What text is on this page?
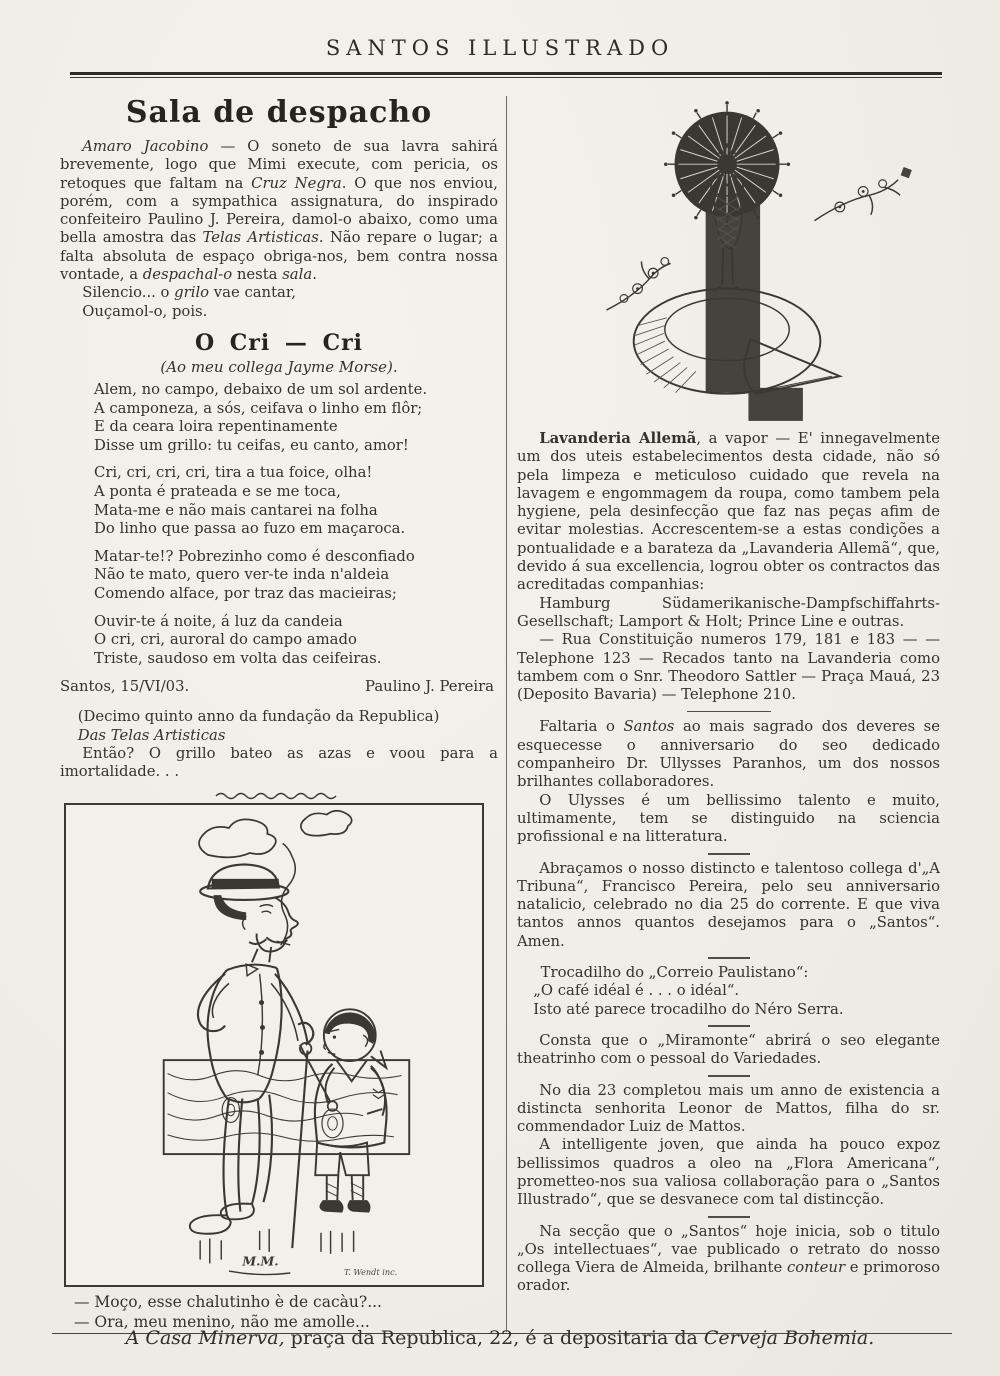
SANTOS ILLUSTRADO
Sala de despacho

Amaro Jacobino — O soneto de sua lavra sahirá brevemente, logo que Mimi execute, com pericia, os retoques que faltam na Cruz Negra. O que nos enviou, porém, com a sympathica assignatura, do inspirado confeiteiro Paulino J. Pereira, damol-o abaixo, como uma bella amostra das Telas Artisticas. Não repare o lugar; a falta absoluta de espaço obriga-nos, bem contra nossa vontade, a despachal-o nesta sala.

Silencio... o grilo vae cantar,
Ouçamol-o, pois.
O Cri — Cri
(Ao meu collega Jayme Morse).
Alem, no campo, debaixo de um sol ardente.
A camponeza, a sós, ceifava o linho em flôr;
E da ceara loira repentinamente
Disse um grillo: tu ceifas, eu canto, amor!
Cri, cri, cri, cri, tira a tua foice, olha!
A ponta é prateada e se me toca,
Mata-me e não mais cantarei na folha
Do linho que passa ao fuzo em maçaroca.
Matar-te!? Pobrezinho como é desconfiado
Não te mato, quero ver-te inda n'aldeia
Comendo alface, por traz das macieiras;
Ouvir-te á noite, á luz da candeia
O cri, cri, auroral do campo amado
Triste, saudoso em volta das ceifeiras.
Santos, 15/VI/03.	Paulino J. Pereira
(Decimo quinto anno da fundação da Republica)
Das Telas Artisticas

Então? O grillo bateo as azas e voou para a imortalidade. . .

M.M.
T. Wendt inc.
— Moço, esse chalutinho è de cacàu?...
— Ora, meu menino, não me amolle...

Lavanderia Allemã, a vapor — E' innegavelmente um dos uteis estabelecimentos desta cidade, não só pela limpeza e meticuloso cuidado que revela na lavagem e engommagem da roupa, como tambem pela hygiene, pela desinfecção que faz nas peças afim de evitar molestias. Accrescentem-se a estas condições a pontualidade e a barateza da „Lavanderia Allemã“, que, devido á sua excellencia, logrou obter os contractos das acreditadas companhias:

Hamburg Südamerikanische-Dampfschiffahrts-Gesellschaft; Lamport & Holt; Prince Line e outras.

— Rua Constituição numeros 179, 181 e 183 — — Telephone 123 — Recados tanto na Lavanderia como tambem com o Snr. Theodoro Sattler — Praça Mauá, 23 (Deposito Bavaria) — Telephone 210.

Faltaria o Santos ao mais sagrado dos deveres se esquecesse o anniversario do seo dedicado companheiro Dr. Ullysses Paranhos, um dos nossos brilhantes collaboradores.

O Ulysses é um bellissimo talento e muito, ultimamente, tem se distinguido na sciencia profissional e na litteratura.

Abraçamos o nosso distincto e talentoso collega d'„A Tribuna“, Francisco Pereira, pelo seu anniversario natalicio, celebrado no dia 25 do corrente. E que viva tantos annos quantos desejamos para o „Santos“. Amen.

Trocadilho do „Correio Paulistano“:
„O café idéal é . . . o idéal“.
Isto até parece trocadilho do Néro Serra.

Consta que o „Miramonte“ abrirá o seo elegante theatrinho com o pessoal do Variedades.

No dia 23 completou mais um anno de existencia a distincta senhorita Leonor de Mattos, filha do sr. commendador Luiz de Mattos.

A intelligente joven, que ainda ha pouco expoz bellissimos quadros a oleo na „Flora Americana“, prometteo-nos sua valiosa collaboração para o „Santos Illustrado“, que se desvanece com tal distincção.

Na secção que o „Santos“ hoje inicia, sob o titulo „Os intellectuaes“, vae publicado o retrato do nosso collega Viera de Almeida, brilhante conteur e primoroso orador.

A Casa Minerva, praça da Republica, 22, é a depositaria da Cerveja Bohemia.
